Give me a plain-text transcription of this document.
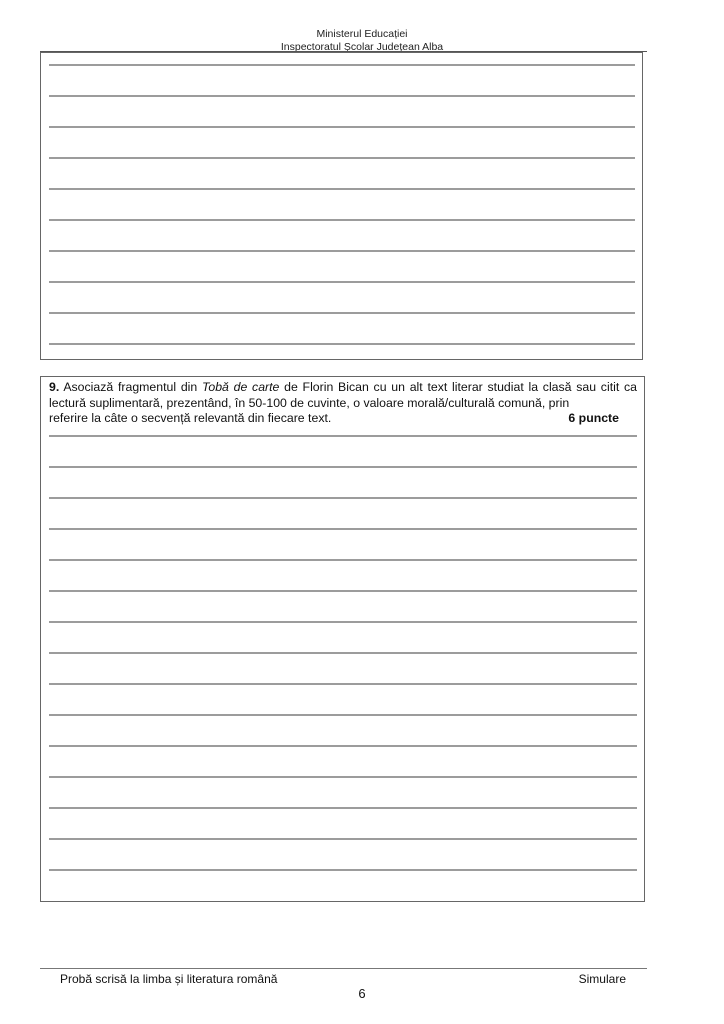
Ministerul Educației
Inspectoratul Școlar Județean Alba
9. Asociază fragmentul din Tobă de carte de Florin Bican cu un alt text literar studiat la clasă sau citit ca lectură suplimentară, prezentând, în 50-100 de cuvinte, o valoare morală/culturală comună, prin
referire la câte o secvență relevantă din fiecare text.	6 puncte
Probă scrisă la limba și literatura română	Simulare
6
